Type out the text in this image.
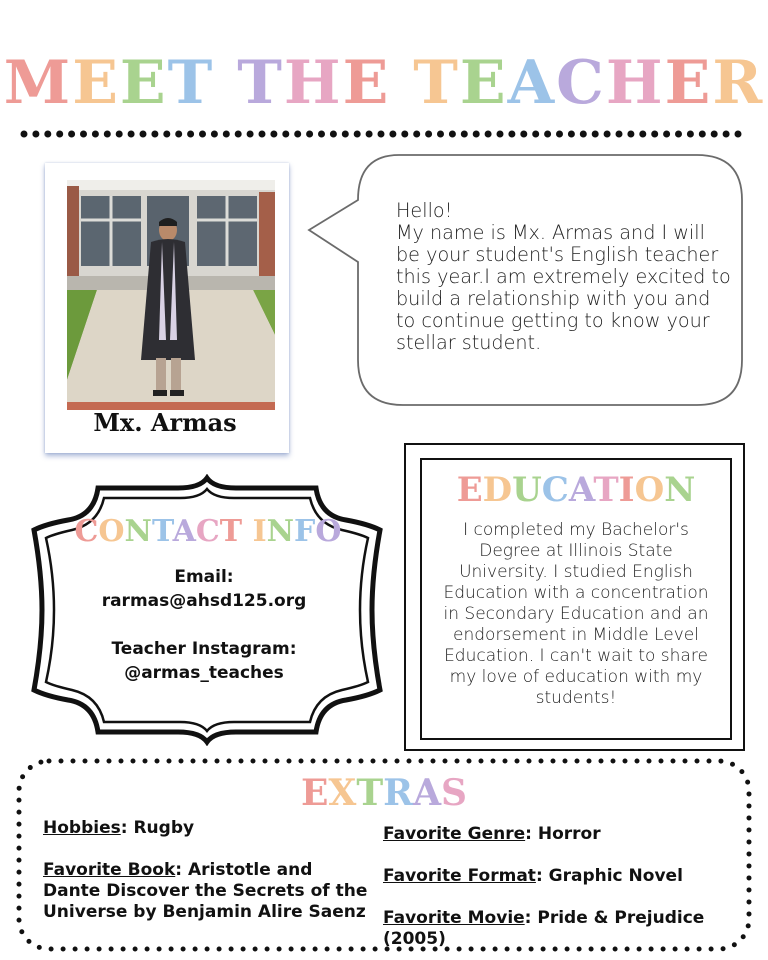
MEET THE TEACHER
Mx. Armas

Hello!

My name is Mx. Armas and I will be your student's English teacher this year.I am extremely excited to build a relationship with you and to continue getting to know your stellar student.

CONTACT INFO

Email:

rarmas@ahsd125.org

Teacher Instagram:

@armas_teaches

EDUCATION
I completed my Bachelor's Degree at Illinois State University. I studied English Education with a concentration in Secondary Education and an endorsement in Middle Level Education. I can't wait to share my love of education with my students!
EXTRAS
Hobbies: Rugby
Favorite Book: Aristotle and Dante Discover the Secrets of the Universe by Benjamin Alire Saenz
Favorite Genre: Horror
Favorite Format: Graphic Novel
Favorite Movie: Pride & Prejudice (2005)
